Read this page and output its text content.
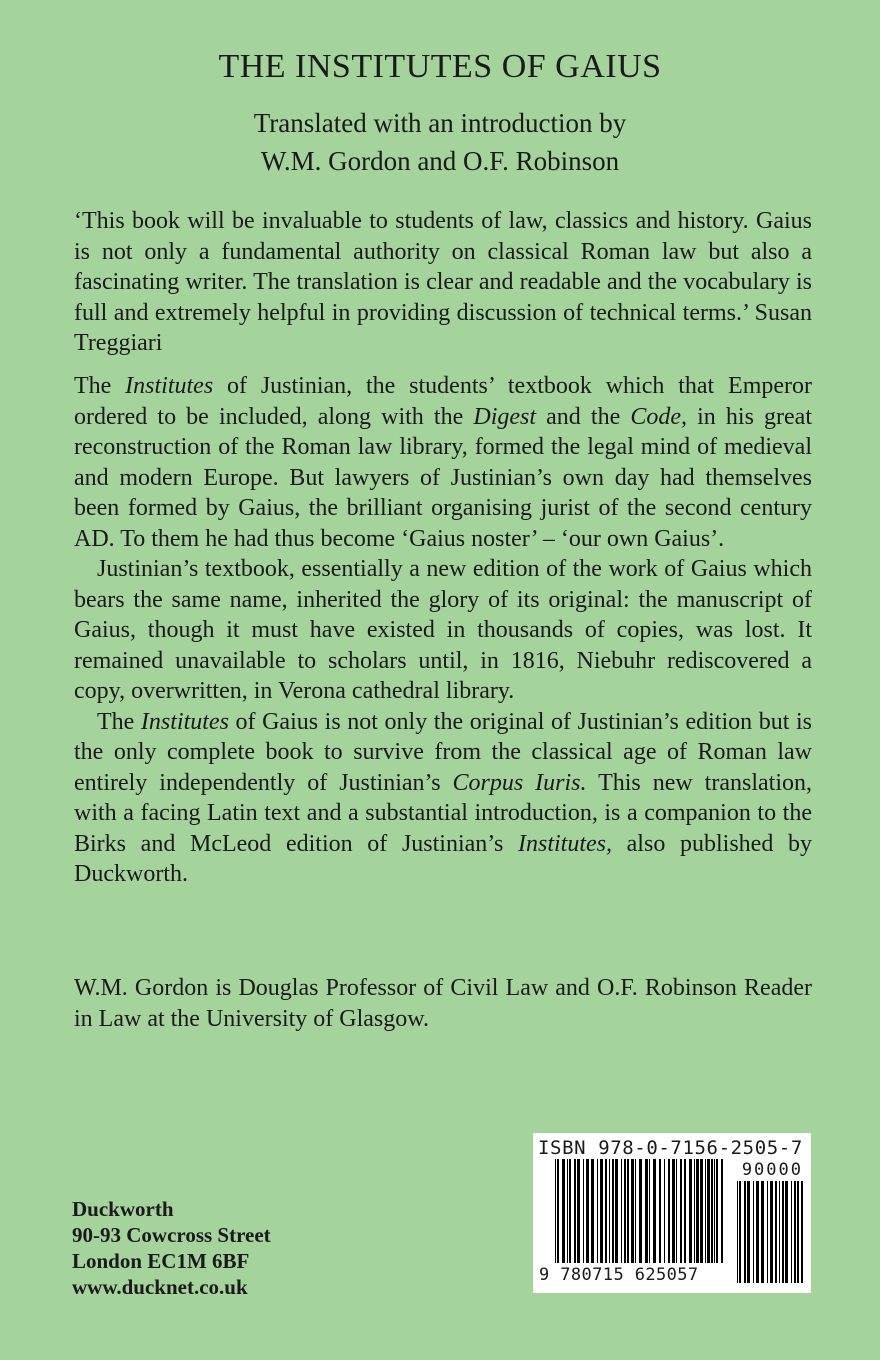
THE INSTITUTES OF GAIUS
Translated with an introduction by
W.M. Gordon and O.F. Robinson
‘This book will be invaluable to students of law, classics and history. Gaius is not only a fundamental authority on classical Roman law but also a fascinating writer. The translation is clear and readable and the vocabulary is full and extremely helpful in providing discussion of technical terms.’ Susan Treggiari

The Institutes of Justinian, the students’ textbook which that Emperor ordered to be included, along with the Digest and the Code, in his great reconstruction of the Roman law library, formed the legal mind of medieval and modern Europe. But lawyers of Justinian’s own day had themselves been formed by Gaius, the brilliant organising jurist of the second century AD. To them he had thus become ‘Gaius noster’ – ‘our own Gaius’.

Justinian’s textbook, essentially a new edition of the work of Gaius which bears the same name, inherited the glory of its original: the manuscript of Gaius, though it must have existed in thousands of copies, was lost. It remained unavailable to scholars until, in 1816, Niebuhr rediscovered a copy, overwritten, in Verona cathedral library.

The Institutes of Gaius is not only the original of Justinian’s edition but is the only complete book to survive from the classical age of Roman law entirely independently of Justinian’s Corpus Iuris. This new translation, with a facing Latin text and a substantial introduction, is a companion to the Birks and McLeod edition of Justinian’s Institutes, also published by Duckworth.

W.M. Gordon is Douglas Professor of Civil Law and O.F. Robinson Reader in Law at the University of Glasgow.
Duckworth
90-93 Cowcross Street
London EC1M 6BF
www.ducknet.co.uk
ISBN 978-0-7156-2505-7
90000
9 780715 625057
